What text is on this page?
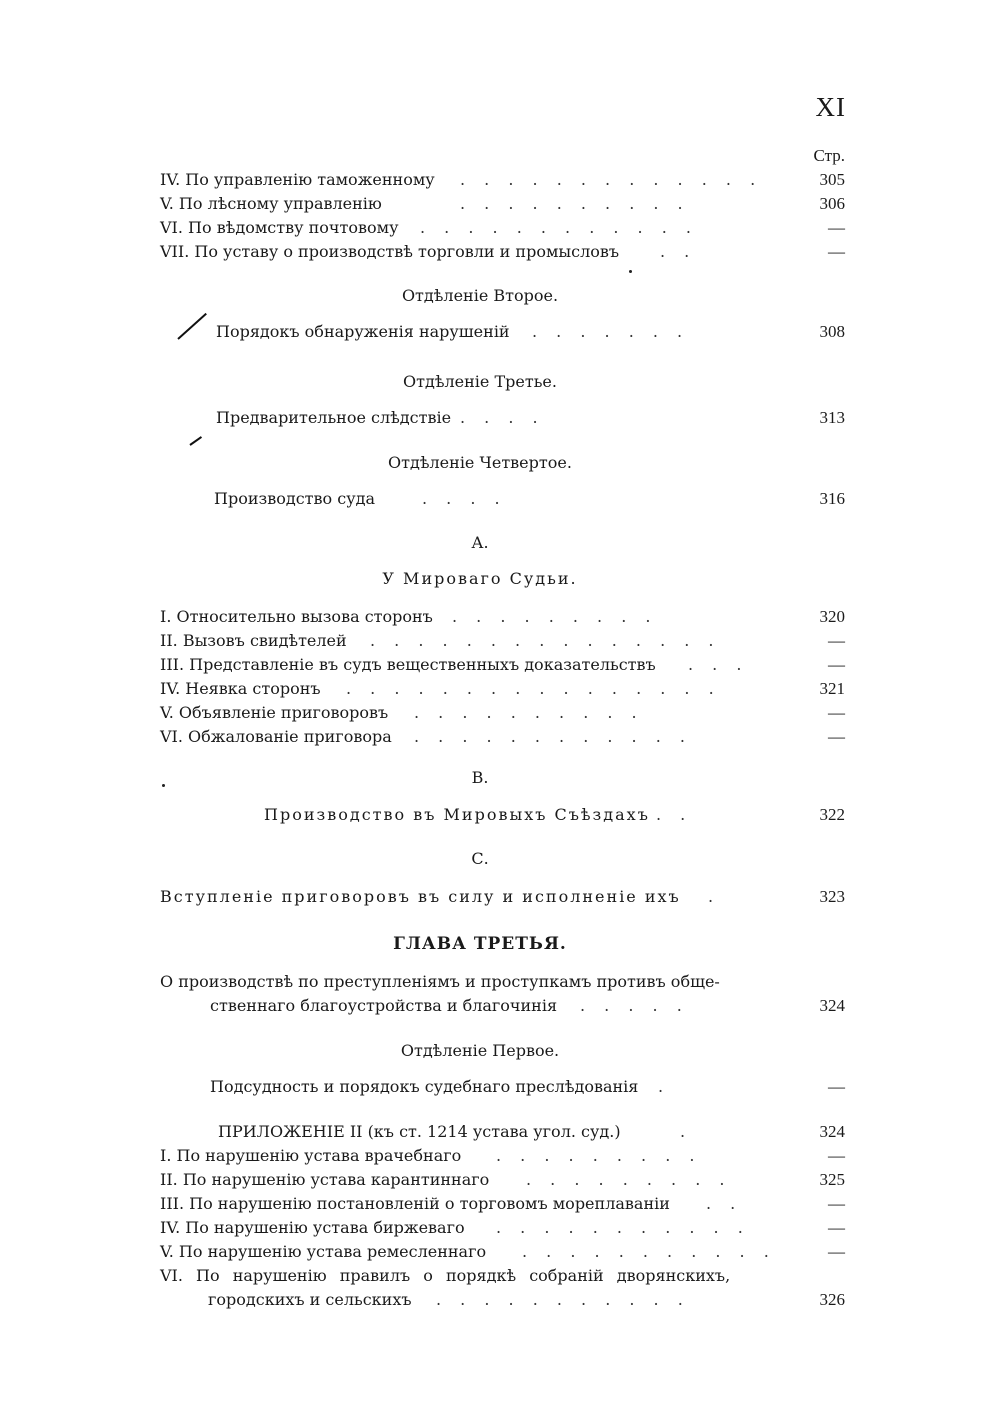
XI
Стр.
IV. По управленію таможенному . . . . . . . . . . . . .	305
V. По лѣсному управленію	. . . . . . . . . .	306
VI. По вѣдомству почтовому . . . . . . . . . . . .	—
VII. По уставу о производствѣ торговли и промысловъ	. .	—
Отдѣленіе Второе.
Порядокъ обнаруженія нарушеній . . . . . . .	308
Отдѣленіе Третье.
Предварительное слѣдствіе . . . .	313
Отдѣленіе Четвертое.
Производство суда	. . . .	316
А.
У Мироваго Судьи.
I. Относительно вызова сторонъ . . . . . . . . .	320
II. Вызовъ свидѣтелей . . . . . . . . . . . . . . .	—
III. Представленіе въ судъ вещественныхъ доказательствъ . . .	—
IV. Неявка сторонъ . . . . . . . . . . . . . . . .	321
V. Объявленіе приговоровъ . . . . . . . . . .	—
VI. Обжалованіе приговора . . . . . . . . . . . .	—
В.
Производство въ Мировыхъ Съѣздахъ . .	322
С.
Вступленіе приговоровъ въ силу и исполненіе ихъ .	323
ГЛАВА ТРЕТЬЯ.
О производствѣ по преступленіямъ и проступкамъ противъ обще-
ственнаго благоустройства и благочинія . . . . .	324
Отдѣленіе Первое.
Подсудность и порядокъ судебнаго преслѣдованія .	—
ПРИЛОЖЕНІЕ II (къ ст. 1214 устава угол. суд.)	.	324
I. По нарушенію устава врачебнаго . . . . . . . . .	—
II. По нарушенію устава карантиннаго . . . . . . . . .	325
III. По нарушенію постановленій о торговомъ мореплаваніи . .	—
IV. По нарушенію устава биржеваго . . . . . . . . . . .	—
V. По нарушенію устава ремесленнаго . . . . . . . . . . .	—
VI. По нарушенію правилъ о порядкѣ собраній дворянскихъ,
городскихъ и сельскихъ . . . . . . . . . . .	326
